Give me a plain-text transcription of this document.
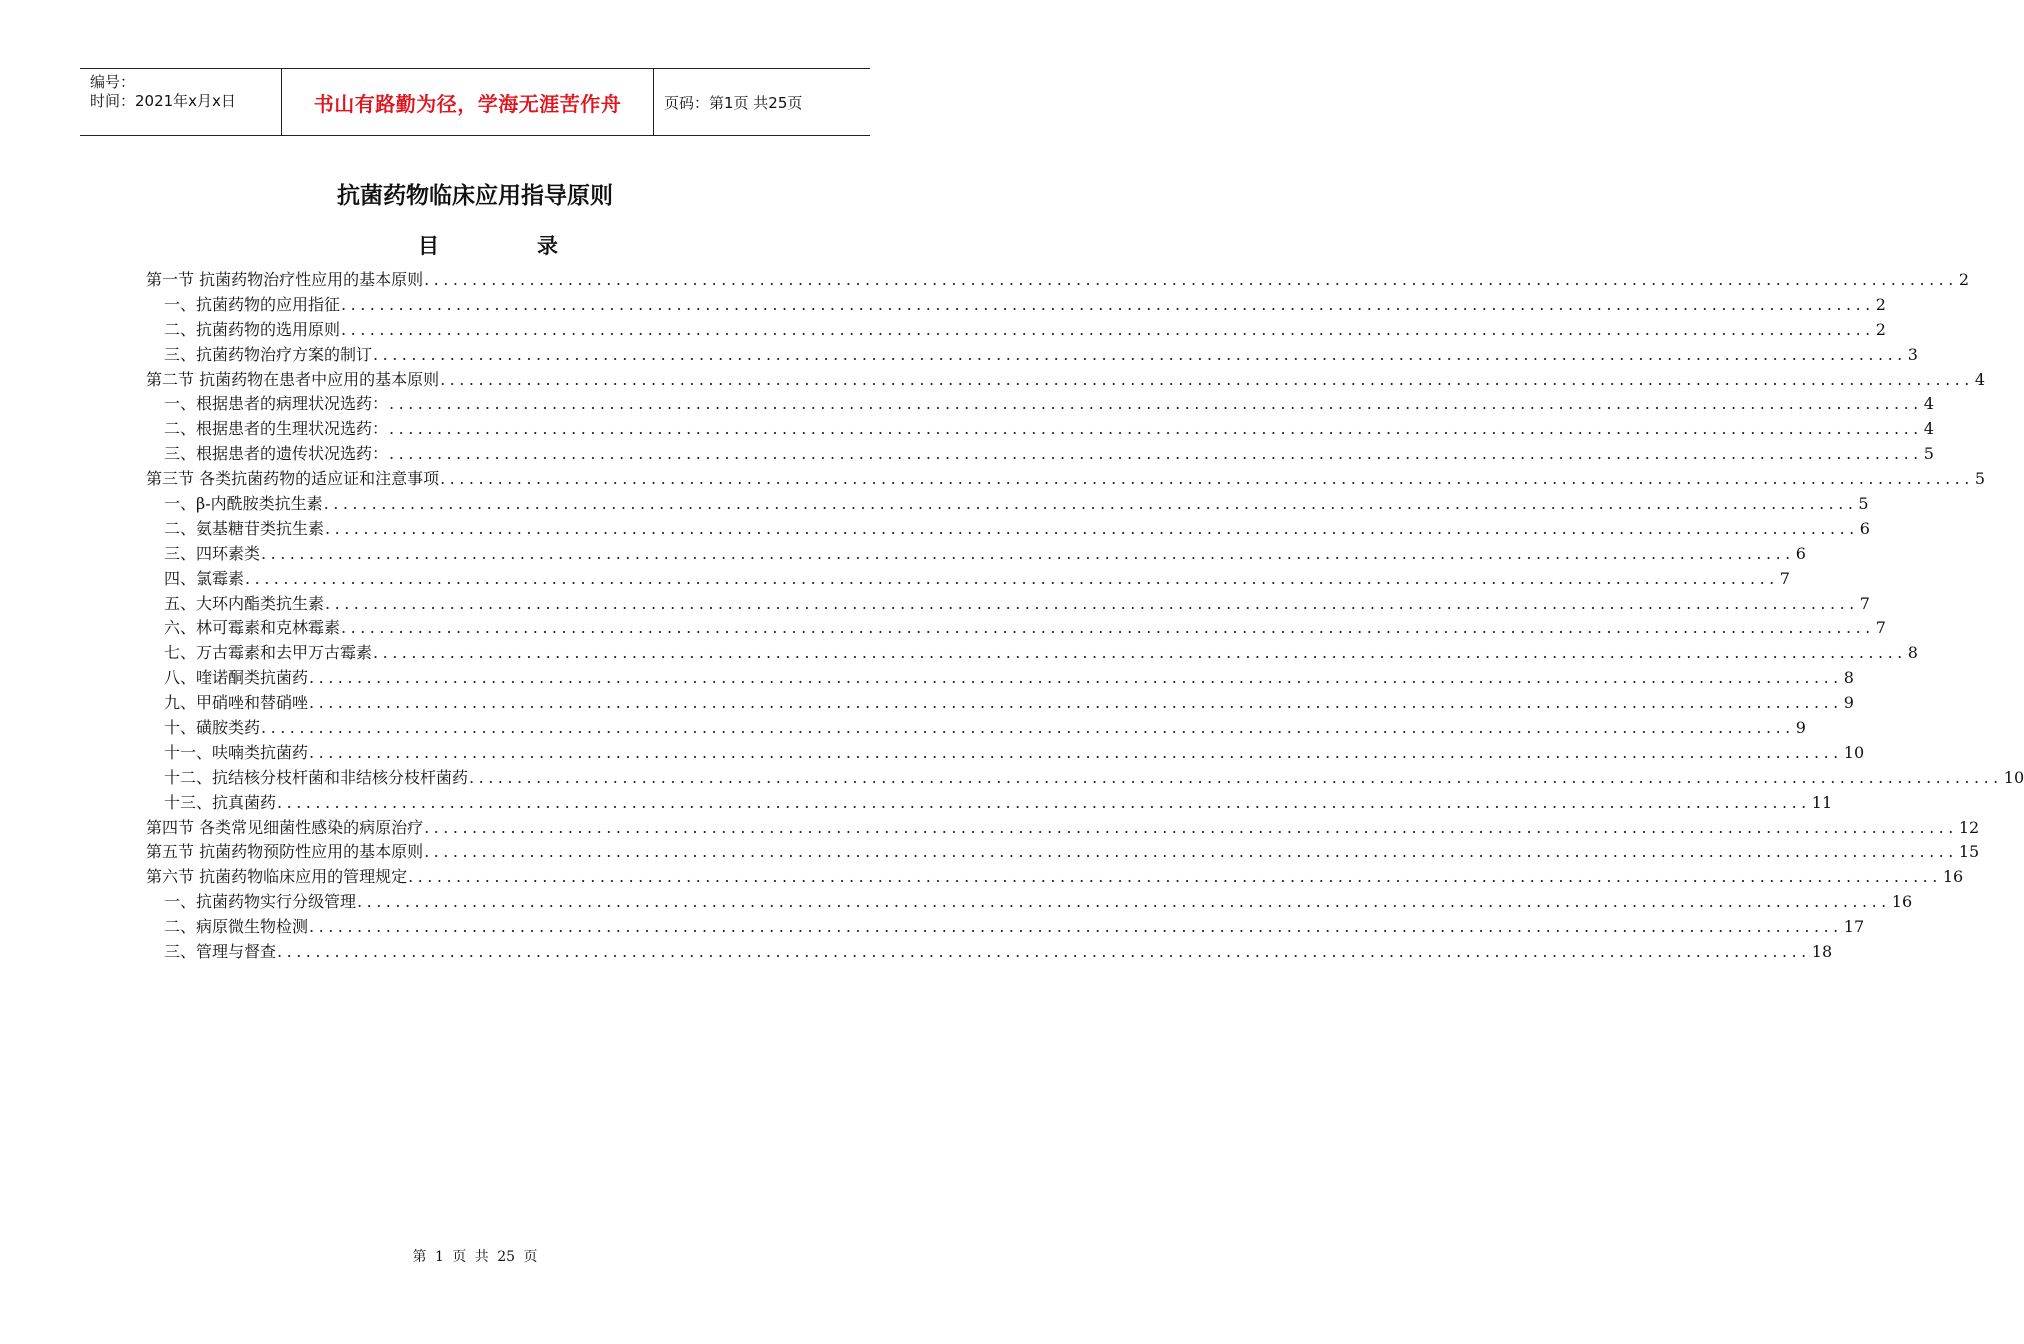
编号：
时间：2021年x月x日	书山有路勤为径，学海无涯苦作舟	页码：第1页 共25页
抗菌药物临床应用指导原则
目	录
第一节 抗菌药物治疗性应用的基本原则 ................................................................................................................................................................ 2
一、抗菌药物的应用指征 ................................................................................................................................................................ 2
二、抗菌药物的选用原则 ................................................................................................................................................................ 2
三、抗菌药物治疗方案的制订 ................................................................................................................................................................ 3
第二节 抗菌药物在患者中应用的基本原则 ................................................................................................................................................................ 4
一、根据患者的病理状况选药： ................................................................................................................................................................ 4
二、根据患者的生理状况选药： ................................................................................................................................................................ 4
三、根据患者的遗传状况选药： ................................................................................................................................................................ 5
第三节 各类抗菌药物的适应证和注意事项 ................................................................................................................................................................ 5
一、β-内酰胺类抗生素 ................................................................................................................................................................ 5
二、氨基糖苷类抗生素 ................................................................................................................................................................ 6
三、四环素类 ................................................................................................................................................................ 6
四、氯霉素 ................................................................................................................................................................ 7
五、大环内酯类抗生素 ................................................................................................................................................................ 7
六、林可霉素和克林霉素 ................................................................................................................................................................ 7
七、万古霉素和去甲万古霉素 ................................................................................................................................................................ 8
八、喹诺酮类抗菌药 ................................................................................................................................................................ 8
九、甲硝唑和替硝唑 ................................................................................................................................................................ 9
十、磺胺类药 ................................................................................................................................................................ 9
十一、呋喃类抗菌药 ................................................................................................................................................................ 10
十二、抗结核分枝杆菌和非结核分枝杆菌药 ................................................................................................................................................................ 10
十三、抗真菌药 ................................................................................................................................................................ 11
第四节 各类常见细菌性感染的病原治疗 ................................................................................................................................................................ 12
第五节 抗菌药物预防性应用的基本原则 ................................................................................................................................................................ 15
第六节 抗菌药物临床应用的管理规定 ................................................................................................................................................................ 16
一、抗菌药物实行分级管理 ................................................................................................................................................................ 16
二、病原微生物检测 ................................................................................................................................................................ 17
三、管理与督查 ................................................................................................................................................................ 18
第 1 页 共 25 页
